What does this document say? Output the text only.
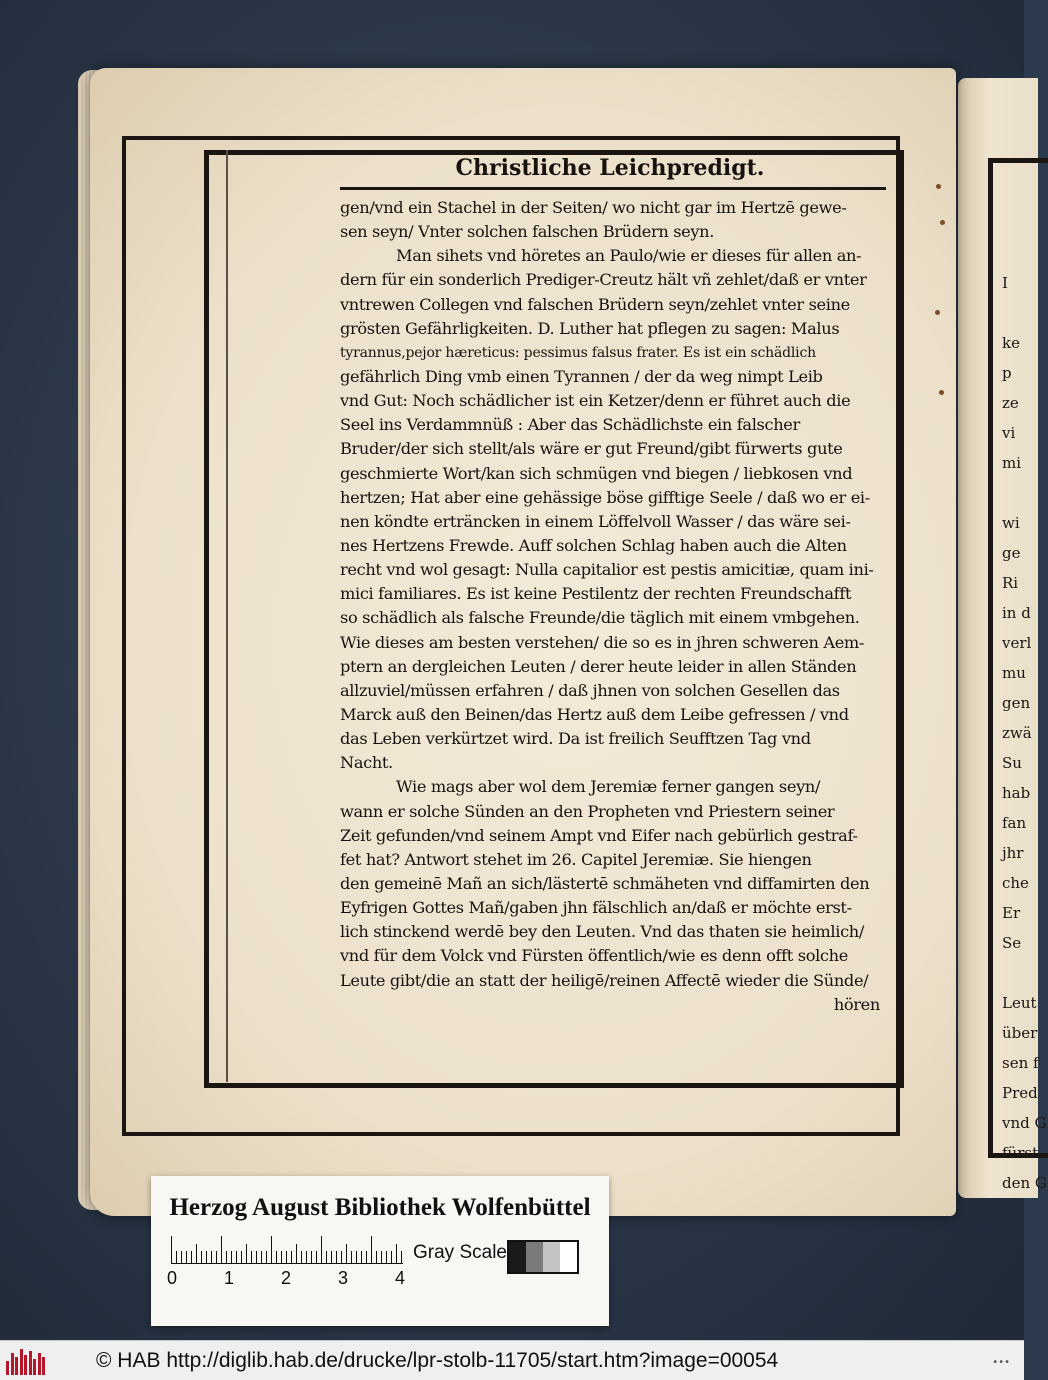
I
ke
p
ze
vi
mi
wi
ge
Ri
in d
verl
mu
gen
zwä
Su
hab
fan
jhr
che
Er
Se
Leut
über
sen f
Pred
vnd G
fürst
den G
Christliche Leichpredigt.
gen/vnd ein Stachel in der Seiten/ wo nicht gar im Hertzē gewe-
sen seyn/ Vnter solchen falschen Brüdern seyn.
Man sihets vnd höretes an Paulo/wie er dieses für allen an-
dern für ein sonderlich Prediger-Creutz hält vñ zehlet/daß er vnter
vntrewen Collegen vnd falschen Brüdern seyn/zehlet vnter seine
grösten Gefährligkeiten. D. Luther hat pflegen zu sagen: Malus
tyrannus,pejor hæreticus: pessimus falsus frater. Es ist ein schädlich
gefährlich Ding vmb einen Tyrannen / der da weg nimpt Leib
vnd Gut: Noch schädlicher ist ein Ketzer/denn er führet auch die
Seel ins Verdammnüß : Aber das Schädlichste ein falscher
Bruder/der sich stellt/als wäre er gut Freund/gibt fürwerts gute
geschmierte Wort/kan sich schmügen vnd biegen / liebkosen vnd
hertzen; Hat aber eine gehässige böse gifftige Seele / daß wo er ei-
nen köndte erträncken in einem Löffelvoll Wasser / das wäre sei-
nes Hertzens Frewde. Auff solchen Schlag haben auch die Alten
recht vnd wol gesagt: Nulla capitalior est pestis amicitiæ, quam ini-
mici familiares. Es ist keine Pestilentz der rechten Freundschafft
so schädlich als falsche Freunde/die täglich mit einem vmbgehen.
Wie dieses am besten verstehen/ die so es in jhren schweren Aem-
ptern an dergleichen Leuten / derer heute leider in allen Ständen
allzuviel/müssen erfahren / daß jhnen von solchen Gesellen das
Marck auß den Beinen/das Hertz auß dem Leibe gefressen / vnd
das Leben verkürtzet wird. Da ist freilich Seufftzen Tag vnd
Nacht.
Wie mags aber wol dem Jeremiæ ferner gangen seyn/
wann er solche Sünden an den Propheten vnd Priestern seiner
Zeit gefunden/vnd seinem Ampt vnd Eifer nach gebürlich gestraf-
fet hat? Antwort stehet im 26. Capitel Jeremiæ. Sie hiengen
den gemeinē Mañ an sich/lästertē schmäheten vnd diffamirten den
Eyfrigen Gottes Mañ/gaben jhn fälschlich an/daß er möchte erst-
lich stinckend werdē bey den Leuten. Vnd das thaten sie heimlich/
vnd für dem Volck vnd Fürsten öffentlich/wie es denn offt solche
Leute gibt/die an statt der heiligē/reinen Affectē wieder die Sünde/
hören
Herzog August Bibliothek Wolfenbüttel
0	1	2	3	4
Gray Scale
© HAB http://diglib.hab.de/drucke/lpr-stolb-11705/start.htm?image=00054	•••
